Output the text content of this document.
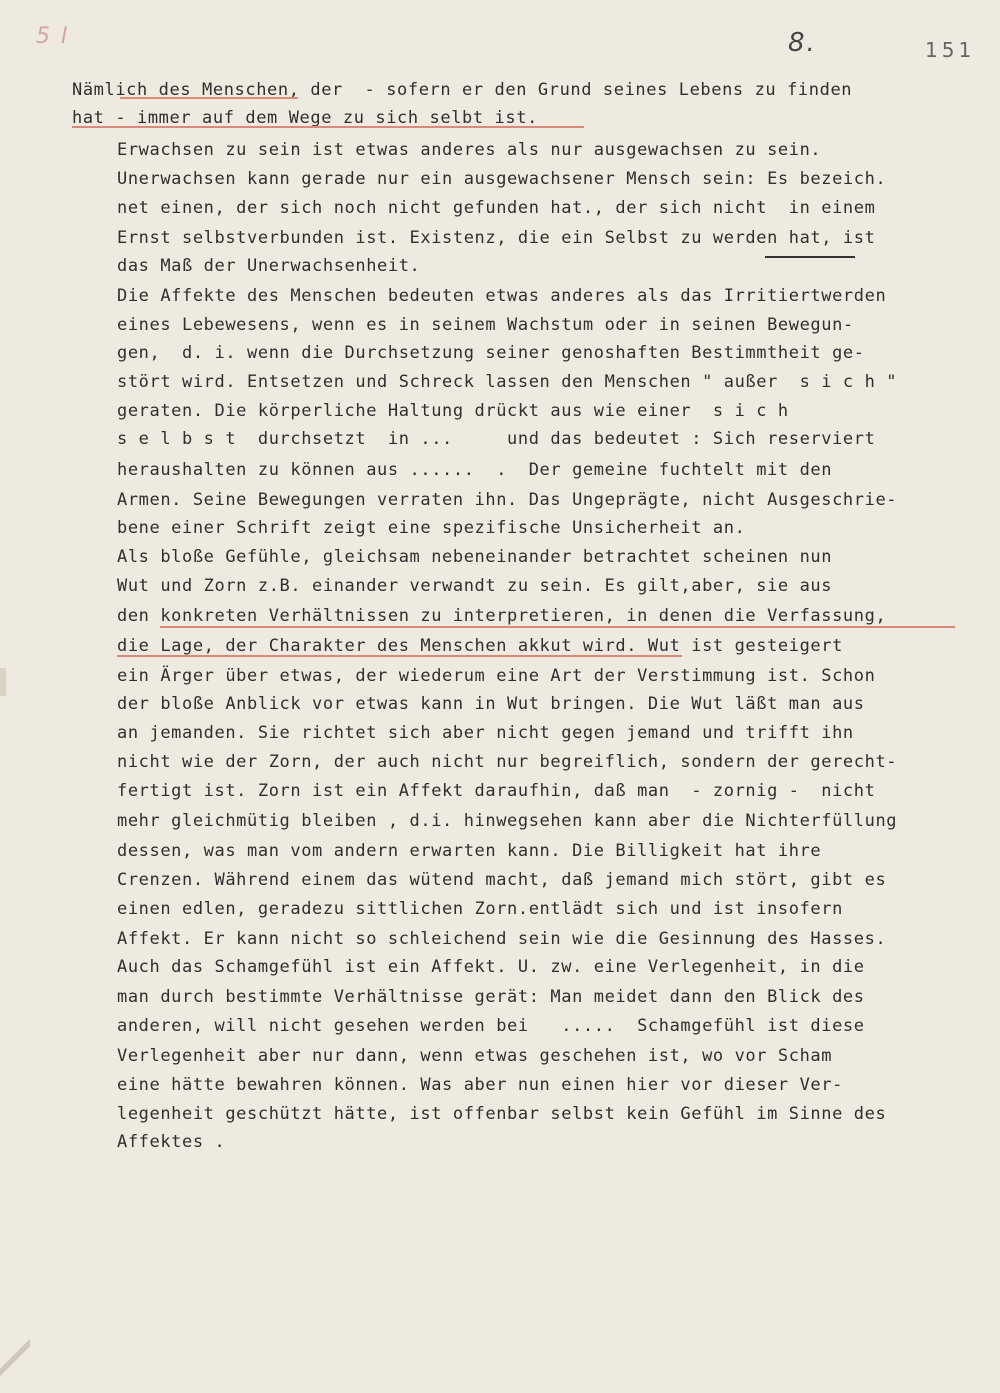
5 I	8.	151

Nämlich des Menschen, der  - sofern er den Grund seines Lebens zu finden

hat - immer auf dem Wege zu sich selbt ist.

Erwachsen zu sein ist etwas anderes als nur ausgewachsen zu sein.

Unerwachsen kann gerade nur ein ausgewachsener Mensch sein: Es bezeich.

net einen, der sich noch nicht gefunden hat., der sich nicht  in einem

Ernst selbstverbunden ist. Existenz, die ein Selbst zu werden hat, ist

das Maß der Unerwachsenheit.

Die Affekte des Menschen bedeuten etwas anderes als das Irritiertwerden

eines Lebewesens, wenn es in seinem Wachstum oder in seinen Bewegun-

gen,  d. i. wenn die Durchsetzung seiner genoshaften Bestimmtheit ge-

stört wird. Entsetzen und Schreck lassen den Menschen " außer  s i c h "

geraten. Die körperliche Haltung drückt aus wie einer  s i c h

s e l b s t  durchsetzt  in ...     und das bedeutet : Sich reserviert

heraushalten zu können aus ......  .  Der gemeine fuchtelt mit den

Armen. Seine Bewegungen verraten ihn. Das Ungeprägte, nicht Ausgeschrie-

bene einer Schrift zeigt eine spezifische Unsicherheit an.

Als bloße Gefühle, gleichsam nebeneinander betrachtet scheinen nun

Wut und Zorn z.B. einander verwandt zu sein. Es gilt,aber, sie aus

den konkreten Verhältnissen zu interpretieren, in denen die Verfassung,

die Lage, der Charakter des Menschen akkut wird. Wut ist gesteigert

ein Ärger über etwas, der wiederum eine Art der Verstimmung ist. Schon

der bloße Anblick vor etwas kann in Wut bringen. Die Wut läßt man aus

an jemanden. Sie richtet sich aber nicht gegen jemand und trifft ihn

nicht wie der Zorn, der auch nicht nur begreiflich, sondern der gerecht-

fertigt ist. Zorn ist ein Affekt daraufhin, daß man  - zornig -  nicht

mehr gleichmütig bleiben , d.i. hinwegsehen kann aber die Nichterfüllung

dessen, was man vom andern erwarten kann. Die Billigkeit hat ihre

Crenzen. Während einem das wütend macht, daß jemand mich stört, gibt es

einen edlen, geradezu sittlichen Zorn.entlädt sich und ist insofern

Affekt. Er kann nicht so schleichend sein wie die Gesinnung des Hasses.

Auch das Schamgefühl ist ein Affekt. U. zw. eine Verlegenheit, in die

man durch bestimmte Verhältnisse gerät: Man meidet dann den Blick des

anderen, will nicht gesehen werden bei   .....  Schamgefühl ist diese

Verlegenheit aber nur dann, wenn etwas geschehen ist, wo vor Scham

eine hätte bewahren können. Was aber nun einen hier vor dieser Ver-

legenheit geschützt hätte, ist offenbar selbst kein Gefühl im Sinne des

Affektes .
